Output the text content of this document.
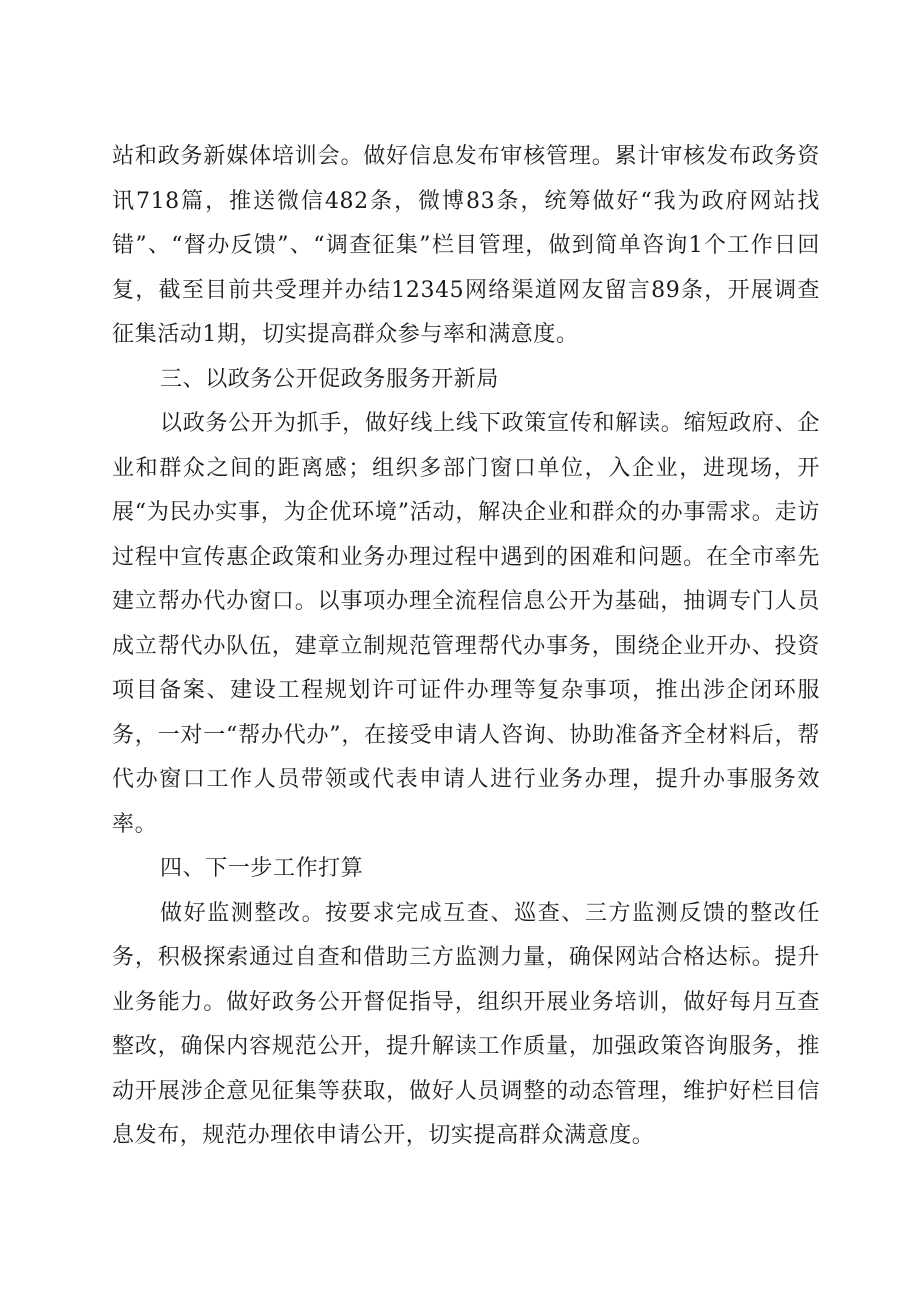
站和政务新媒体培训会。做好信息发布审核管理。累计审核发布政务资讯718篇，推送微信482条，微博83条，统筹做好“我为政府网站找错”、“督办反馈”、“调查征集”栏目管理，做到简单咨询1个工作日回复，截至目前共受理并办结12345网络渠道网友留言89条，开展调查征集活动1期，切实提高群众参与率和满意度。

三、以政务公开促政务服务开新局

以政务公开为抓手，做好线上线下政策宣传和解读。缩短政府、企业和群众之间的距离感；组织多部门窗口单位，入企业，进现场，开展“为民办实事，为企优环境”活动，解决企业和群众的办事需求。走访过程中宣传惠企政策和业务办理过程中遇到的困难和问题。在全市率先建立帮办代办窗口。以事项办理全流程信息公开为基础，抽调专门人员成立帮代办队伍，建章立制规范管理帮代办事务，围绕企业开办、投资项目备案、建设工程规划许可证件办理等复杂事项，推出涉企闭环服务，一对一“帮办代办”，在接受申请人咨询、协助准备齐全材料后，帮代办窗口工作人员带领或代表申请人进行业务办理，提升办事服务效率。

四、下一步工作打算

做好监测整改。按要求完成互查、巡查、三方监测反馈的整改任务，积极探索通过自查和借助三方监测力量，确保网站合格达标。提升业务能力。做好政务公开督促指导，组织开展业务培训，做好每月互查整改，确保内容规范公开，提升解读工作质量，加强政策咨询服务，推动开展涉企意见征集等获取，做好人员调整的动态管理，维护好栏目信息发布，规范办理依申请公开，切实提高群众满意度。
